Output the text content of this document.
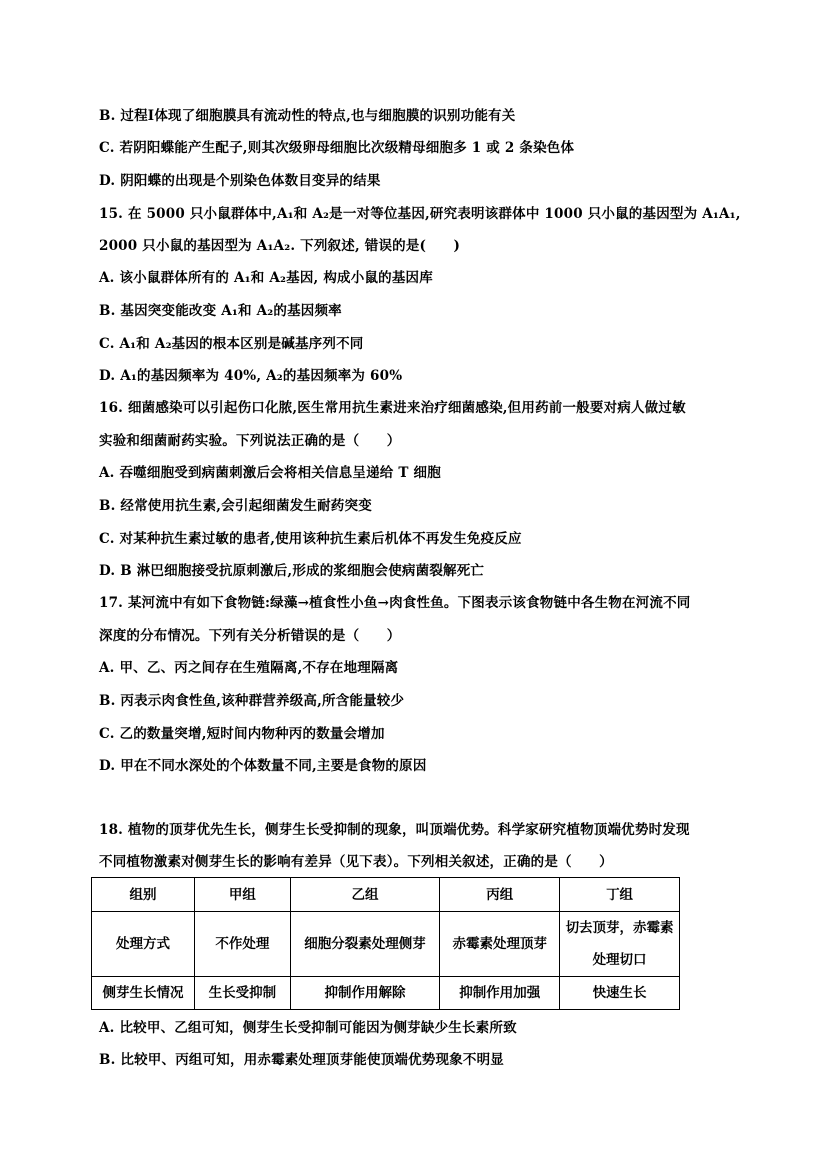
B. 过程Ⅰ体现了细胞膜具有流动性的特点,也与细胞膜的识别功能有关
C. 若阴阳蝶能产生配子,则其次级卵母细胞比次级精母细胞多 1 或 2 条染色体
D. 阴阳蝶的出现是个别染色体数目变异的结果
15. 在 5000 只小鼠群体中,A₁和 A₂是一对等位基因,研究表明该群体中 1000 只小鼠的基因型为 A₁A₁,
2000 只小鼠的基因型为 A₁A₂. 下列叙述, 错误的是(　　)
A. 该小鼠群体所有的 A₁和 A₂基因, 构成小鼠的基因库
B. 基因突变能改变 A₁和 A₂的基因频率
C. A₁和 A₂基因的根本区别是碱基序列不同
D. A₁的基因频率为 40%, A₂的基因频率为 60%
16. 细菌感染可以引起伤口化脓,医生常用抗生素进来治疗细菌感染,但用药前一般要对病人做过敏
实验和细菌耐药实验。下列说法正确的是（　　）
A. 吞噬细胞受到病菌刺激后会将相关信息呈递给 T 细胞
B. 经常使用抗生素,会引起细菌发生耐药突变
C. 对某种抗生素过敏的患者,使用该种抗生素后机体不再发生免疫反应
D. B 淋巴细胞接受抗原刺激后,形成的浆细胞会使病菌裂解死亡
17. 某河流中有如下食物链:绿藻→植食性小鱼→肉食性鱼。下图表示该食物链中各生物在河流不同
深度的分布情况。下列有关分析错误的是（　　）
A. 甲、乙、丙之间存在生殖隔离,不存在地理隔离
B. 丙表示肉食性鱼,该种群营养级高,所含能量较少
C. 乙的数量突增,短时间内物种丙的数量会增加
D. 甲在不同水深处的个体数量不同,主要是食物的原因
18. 植物的顶芽优先生长，侧芽生长受抑制的现象，叫顶端优势。科学家研究植物顶端优势时发现
不同植物激素对侧芽生长的影响有差异（见下表）。下列相关叙述，正确的是（　　）
组别	甲组	乙组	丙组	丁组
处理方式	不作处理	细胞分裂素处理侧芽	赤霉素处理顶芽	切去顶芽，赤霉素处理切口
侧芽生长情况	生长受抑制	抑制作用解除	抑制作用加强	快速生长
A. 比较甲、乙组可知，侧芽生长受抑制可能因为侧芽缺少生长素所致
B. 比较甲、丙组可知，用赤霉素处理顶芽能使顶端优势现象不明显
